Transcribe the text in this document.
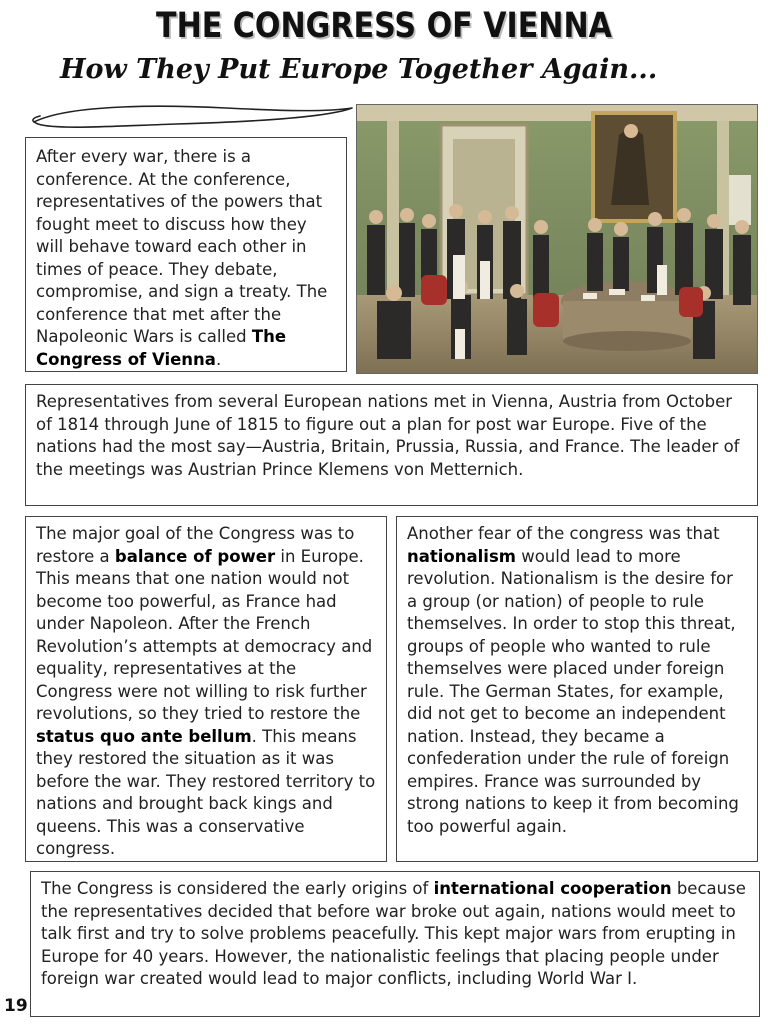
THE CONGRESS OF VIENNA
How They Put Europe Together Again...

After every war, there is a conference. At the conference, representatives of the powers that fought meet to discuss how they will behave toward each other in times of peace. They debate, compromise, and sign a treaty. The conference that met after the Napoleonic Wars is called The Congress of Vienna.

Representatives from several European nations met in Vienna, Austria from October of 1814 through June of 1815 to figure out a plan for post war Europe. Five of the nations had the most say—Austria, Britain, Prussia, Russia, and France. The leader of the meetings was Austrian Prince Klemens von Metternich.

The major goal of the Congress was to restore a balance of power in Europe. This means that one nation would not become too powerful, as France had under Napoleon. After the French Revolution’s attempts at democracy and equality, representatives at the Congress were not willing to risk further revolutions, so they tried to restore the status quo ante bellum. This means they restored the situation as it was before the war. They restored territory to nations and brought back kings and queens. This was a conservative congress.

Another fear of the congress was that nationalism would lead to more revolution. Nationalism is the desire for a group (or nation) of people to rule themselves. In order to stop this threat, groups of people who wanted to rule themselves were placed under foreign rule. The German States, for example, did not get to become an independent nation. Instead, they became a confederation under the rule of foreign empires. France was surrounded by strong nations to keep it from becoming too powerful again.

The Congress is considered the early origins of international cooperation because the representatives decided that before war broke out again, nations would meet to talk first and try to solve problems peacefully. This kept major wars from erupting in Europe for 40 years. However, the nationalistic feelings that placing people under foreign war created would lead to major conflicts, including World War I.

19
